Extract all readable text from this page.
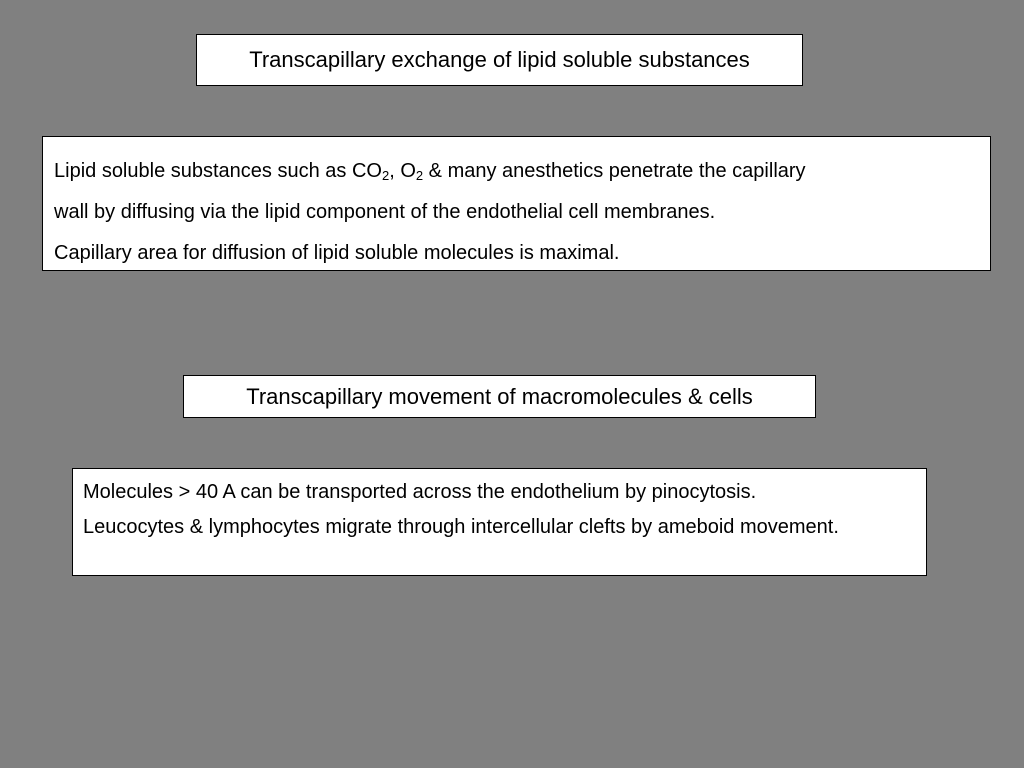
Transcapillary exchange of lipid soluble substances

Lipid soluble substances such as $CO_2$, $O_2$ & many anesthetics penetrate the capillary

wall by diffusing via the lipid component of the endothelial cell membranes.

Capillary area for diffusion of lipid soluble molecules is maximal.

Transcapillary movement of macromolecules & cells

Molecules > 40 A can be transported across the endothelium by pinocytosis.

Leucocytes & lymphocytes migrate through intercellular clefts by ameboid movement.
